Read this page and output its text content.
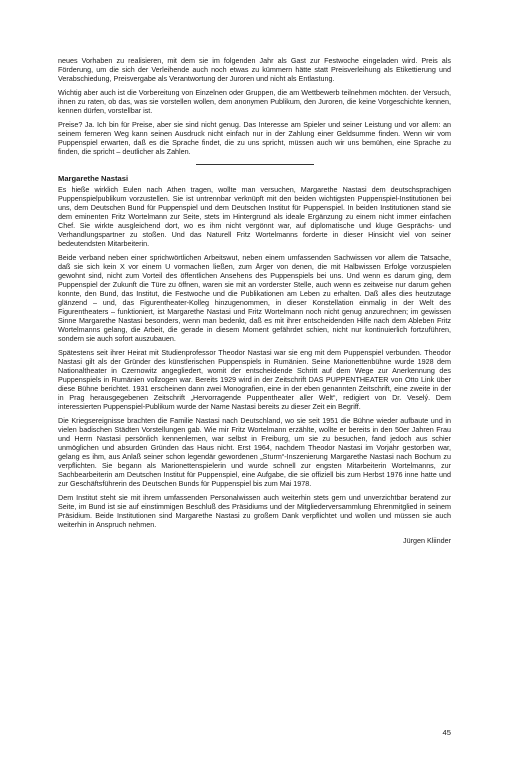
neues Vorhaben zu realisieren, mit dem sie im folgenden Jahr als Gast zur Festwoche eingeladen wird. Preis als Förderung, um die sich der Verleihende auch noch etwas zu kümmern hätte statt Preisverleihung als Etikettierung und Verabschiedung, Preisvergabe als Verantwortung der Juroren und nicht als Entlastung.

Wichtig aber auch ist die Vorbereitung von Einzelnen oder Gruppen, die am Wettbewerb teilnehmen möchten. der Versuch, ihnen zu raten, ob das, was sie vorstellen wollen, dem anonymen Publikum, den Juroren, die keine Vorgeschichte kennen, kennen dürfen, vorstellbar ist.

Preise? Ja. Ich bin für Preise, aber sie sind nicht genug. Das Interesse am Spieler und seiner Leistung und vor allem: an seinem ferneren Weg kann seinen Ausdruck nicht einfach nur in der Zahlung einer Geldsumme finden. Wenn wir vom Puppenspiel erwarten, daß es die Sprache findet, die zu uns spricht, müssen auch wir uns bemühen, eine Sprache zu finden, die spricht – deutlicher als Zahlen.

Margarethe Nastasi

Es hieße wirklich Eulen nach Athen tragen, wollte man versuchen, Margarethe Nastasi dem deutschsprachigen Puppenspielpublikum vorzustellen. Sie ist untrennbar verknüpft mit den beiden wichtigsten Puppenspiel-Institutionen bei uns, dem Deutschen Bund für Puppenspiel und dem Deutschen Institut für Puppenspiel. In beiden Institutionen stand sie dem eminenten Fritz Wortelmann zur Seite, stets im Hintergrund als ideale Ergänzung zu einem nicht immer einfachen Chef. Sie wirkte ausgleichend dort, wo es ihm nicht vergönnt war, auf diplomatische und kluge Gesprächs- und Verhandlungspartner zu stoßen. Und das Naturell Fritz Wortelmanns forderte in dieser Hinsicht viel von seiner bedeutendsten Mitarbeiterin.

Beide verband neben einer sprichwörtlichen Arbeitswut, neben einem umfassenden Sachwissen vor allem die Tatsache, daß sie sich kein X vor einem U vormachen ließen, zum Ärger von denen, die mit Halbwissen Erfolge vorzuspielen gewohnt sind, nicht zum Vorteil des öffentlichen Ansehens des Puppenspiels bei uns. Und wenn es darum ging, dem Puppenspiel der Zukunft die Türe zu öffnen, waren sie mit an vorderster Stelle, auch wenn es zeitweise nur darum gehen konnte, den Bund, das Institut, die Festwoche und die Publikationen am Leben zu erhalten. Daß alles dies heutzutage glänzend – und, das Figurentheater-Kolleg hinzugenommen, in dieser Konstellation einmalig in der Welt des Figurentheaters – funktioniert, ist Margarethe Nastasi und Fritz Wortelmann noch nicht genug anzurechnen; im gewissen Sinne Margarethe Nastasi besonders, wenn man bedenkt, daß es mit ihrer entscheidenden Hilfe nach dem Ableben Fritz Wortelmanns gelang, die Arbeit, die gerade in diesem Moment gefährdet schien, nicht nur kontinuierlich fortzuführen, sondern sie auch sofort auszubauen.

Spätestens seit ihrer Heirat mit Studienprofessor Theodor Nastasi war sie eng mit dem Puppenspiel verbunden. Theodor Nastasi gilt als der Gründer des künstlerischen Puppenspiels in Rumänien. Seine Marionettenbühne wurde 1928 dem Nationaltheater in Czernowitz angegliedert, womit der entscheidende Schritt auf dem Wege zur Anerkennung des Puppenspiels in Rumänien vollzogen war. Bereits 1929 wird in der Zeitschrift DAS PUPPENTHEATER von Otto Link über diese Bühne berichtet. 1931 erscheinen dann zwei Monografien, eine in der eben genannten Zeitschrift, eine zweite in der in Prag herausgegebenen Zeitschrift „Hervorragende Puppentheater aller Welt“, redigiert von Dr. Veselý. Dem interessierten Puppenspiel-Publikum wurde der Name Nastasi bereits zu dieser Zeit ein Begriff.

Die Kriegsereignisse brachten die Familie Nastasi nach Deutschland, wo sie seit 1951 die Bühne wieder aufbaute und in vielen badischen Städten Vorstellungen gab. Wie mir Fritz Wortelmann erzählte, wollte er bereits in den 50er Jahren Frau und Herrn Nastasi persönlich kennenlernen, war selbst in Freiburg, um sie zu besuchen, fand jedoch aus schier unmöglichen und absurden Gründen das Haus nicht. Erst 1964, nachdem Theodor Nastasi im Vorjahr gestorben war, gelang es ihm, aus Anlaß seiner schon legendär gewordenen „Sturm“-Inszenierung Margarethe Nastasi nach Bochum zu verpflichten. Sie begann als Marionettenspielerin und wurde schnell zur engsten Mitarbeiterin Wortelmanns, zur Sachbearbeiterin am Deutschen Institut für Puppenspiel, eine Aufgabe, die sie offiziell bis zum Herbst 1976 inne hatte und zur Geschäftsführerin des Deutschen Bunds für Puppenspiel bis zum Mai 1978.

Dem Institut steht sie mit ihrem umfassenden Personalwissen auch weiterhin stets gern und unverzichtbar beratend zur Seite, im Bund ist sie auf einstimmigen Beschluß des Präsidiums und der Mitgliederversammlung Ehrenmitglied in seinem Präsidium. Beide Institutionen sind Margarethe Nastasi zu großem Dank verpflichtet und wollen und müssen sie auch weiterhin in Anspruch nehmen.

Jürgen Kliinder
45
